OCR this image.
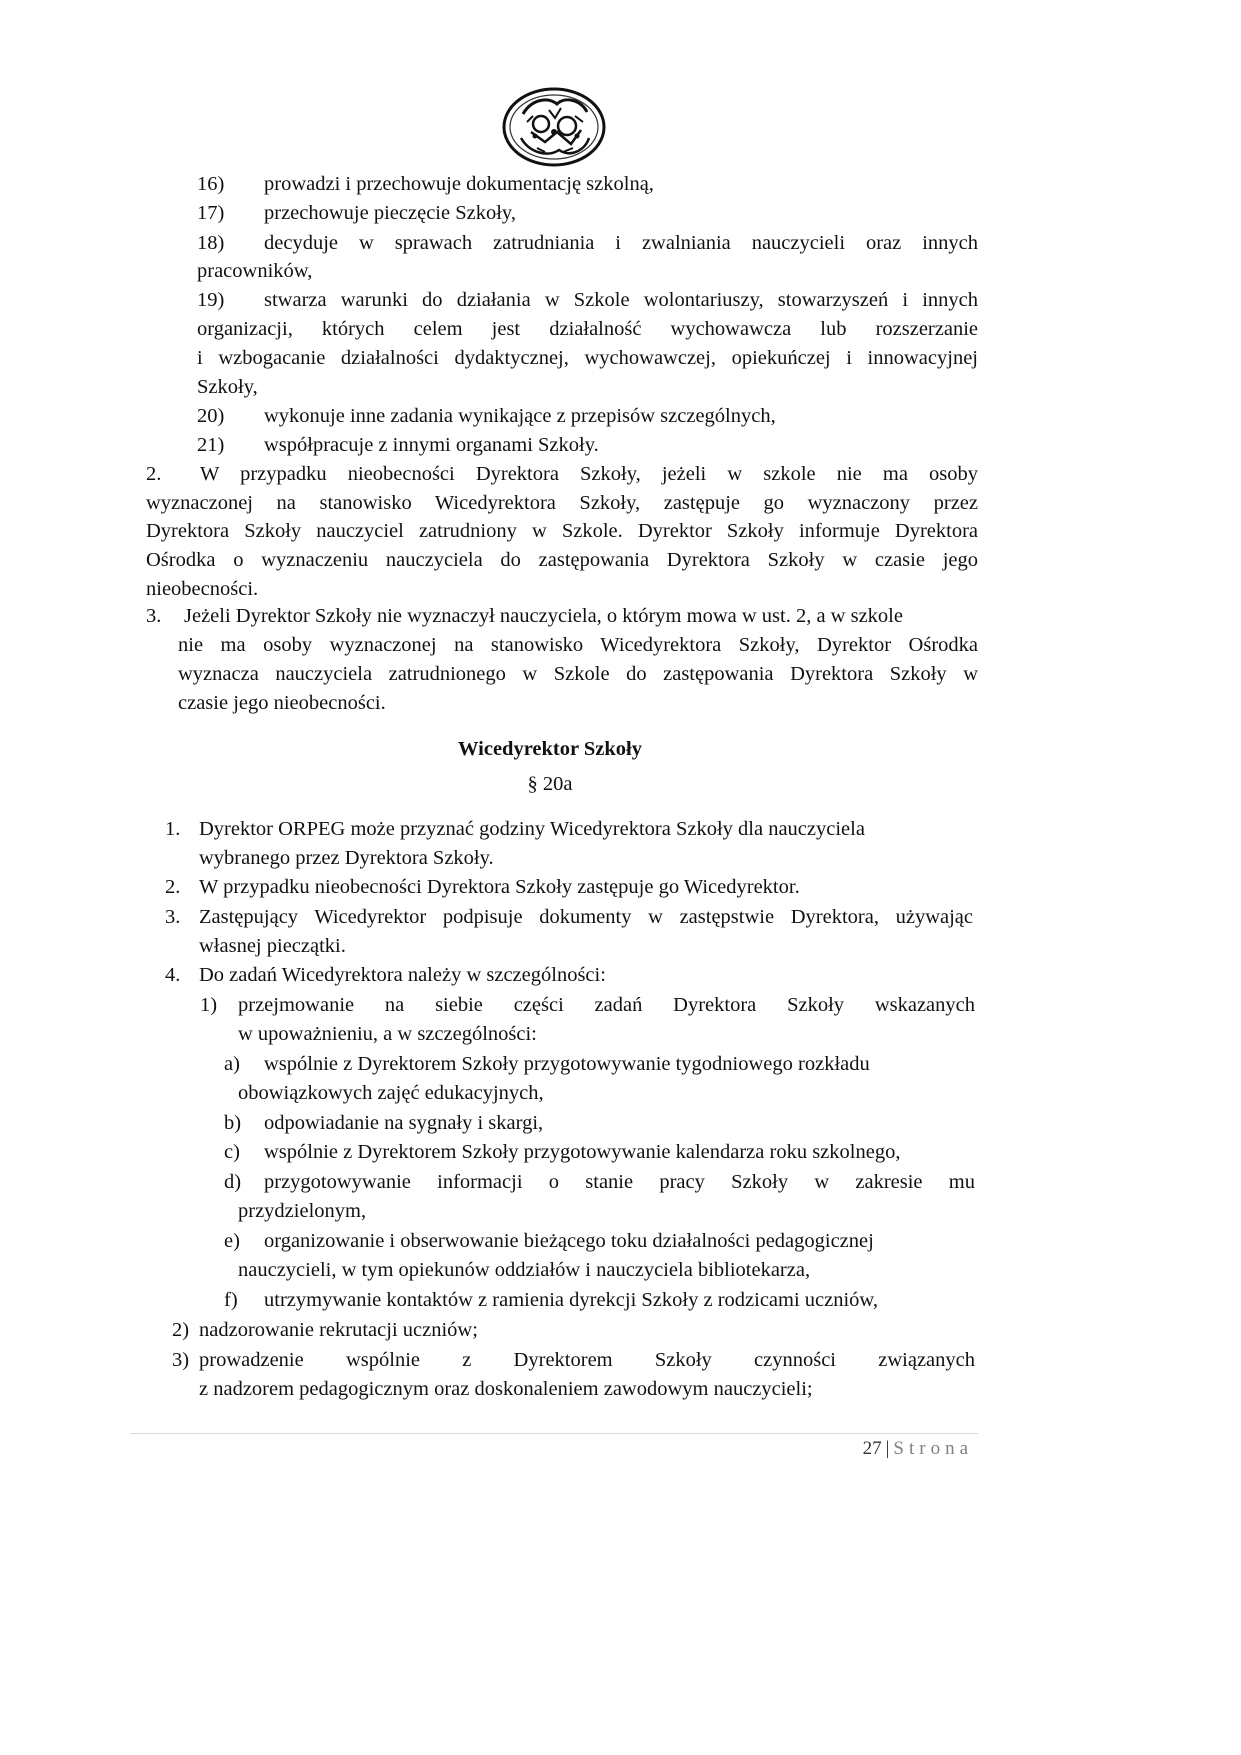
16) prowadzi i przechowuje dokumentację szkolną,
17) przechowuje pieczęcie Szkoły,
18) decyduje w sprawach zatrudniania i zwalniania nauczycieli oraz innych
pracowników,
19) stwarza warunki do działania w Szkole wolontariuszy, stowarzyszeń i innych
organizacji, których celem jest działalność wychowawcza lub rozszerzanie
i wzbogacanie działalności dydaktycznej, wychowawczej, opiekuńczej i innowacyjnej
Szkoły,
20) wykonuje inne zadania wynikające z przepisów szczególnych,
21) współpracuje z innymi organami Szkoły.
2. W przypadku nieobecności Dyrektora Szkoły, jeżeli w szkole nie ma osoby
wyznaczonej na stanowisko Wicedyrektora Szkoły, zastępuje go wyznaczony przez
Dyrektora Szkoły nauczyciel zatrudniony w Szkole. Dyrektor Szkoły informuje Dyrektora
Ośrodka o wyznaczeniu nauczyciela do zastępowania Dyrektora Szkoły w czasie jego
nieobecności.
3. Jeżeli Dyrektor Szkoły nie wyznaczył nauczyciela, o którym mowa w ust. 2, a w szkole
nie ma osoby wyznaczonej na stanowisko Wicedyrektora Szkoły, Dyrektor Ośrodka
wyznacza nauczyciela zatrudnionego w Szkole do zastępowania Dyrektora Szkoły w
czasie jego nieobecności.
Wicedyrektor Szkoły
§ 20a
1. Dyrektor ORPEG może przyznać godziny Wicedyrektora Szkoły dla nauczyciela
wybranego przez Dyrektora Szkoły.
2. W przypadku nieobecności Dyrektora Szkoły zastępuje go Wicedyrektor.
3. Zastępujący Wicedyrektor podpisuje dokumenty w zastępstwie Dyrektora, używając
własnej pieczątki.
4. Do zadań Wicedyrektora należy w szczególności:
1) przejmowanie na siebie części zadań Dyrektora Szkoły wskazanych
w upoważnieniu, a w szczególności:
a) wspólnie z Dyrektorem Szkoły przygotowywanie tygodniowego rozkładu
obowiązkowych zajęć edukacyjnych,
b) odpowiadanie na sygnały i skargi,
c) wspólnie z Dyrektorem Szkoły przygotowywanie kalendarza roku szkolnego,
d) przygotowywanie informacji o stanie pracy Szkoły w zakresie mu
przydzielonym,
e) organizowanie i obserwowanie bieżącego toku działalności pedagogicznej
nauczycieli, w tym opiekunów oddziałów i nauczyciela bibliotekarza,
f) utrzymywanie kontaktów z ramienia dyrekcji Szkoły z rodzicami uczniów,
2) nadzorowanie rekrutacji uczniów;
3) prowadzenie wspólnie z Dyrektorem Szkoły czynności związanych
z nadzorem pedagogicznym oraz doskonaleniem zawodowym nauczycieli;
27 | Strona
